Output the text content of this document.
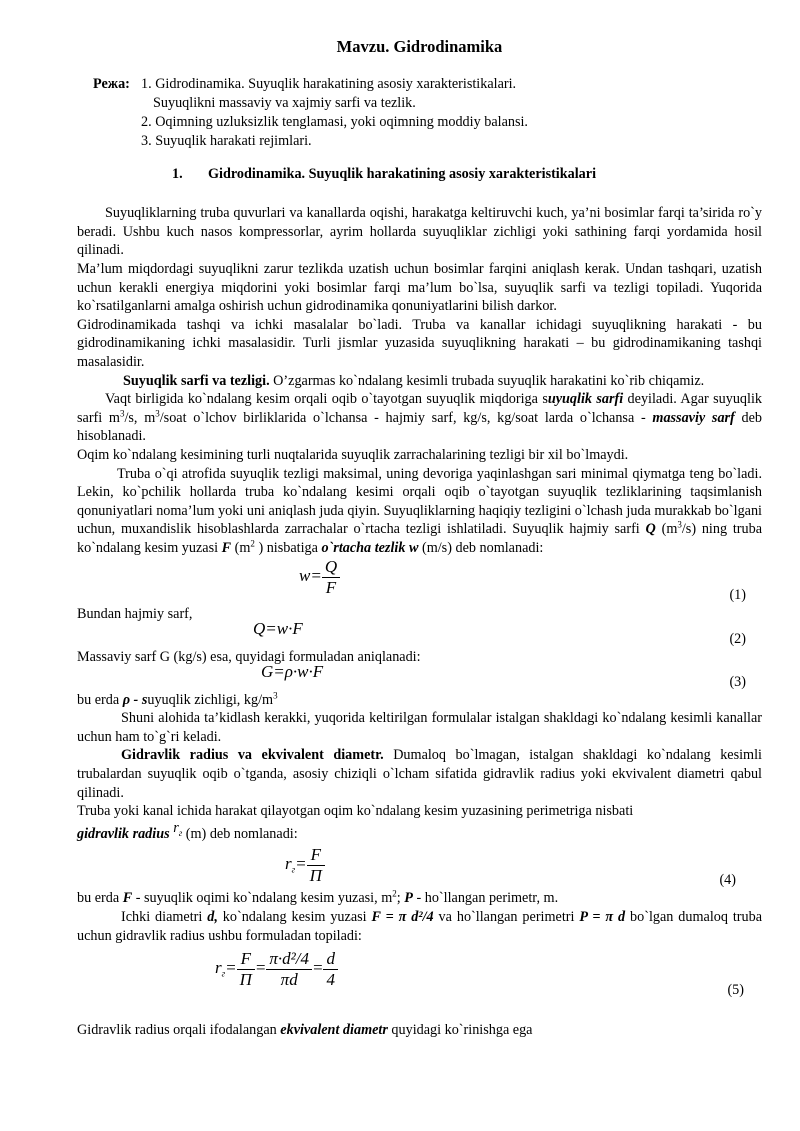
Mavzu. Gidrodinamika
Режа: 1. Gidrodinamika. Suyuqlik harakatining asosiy xarakteristikalari.
Suyuqlikni massaviy va xajmiy sarfi va tezlik.
2. Oqimning uzluksizlik tenglamasi, yoki oqimning moddiy balansi.
3. Suyuqlik harakati rejimlari.
1. Gidrodinamika. Suyuqlik harakatining asosiy xarakteristikalari

Suyuqliklarning truba quvurlari va kanallarda oqishi, harakatga keltiruvchi kuch, ya’ni bosimlar farqi ta’sirida ro`y beradi. Ushbu kuch nasos kompressorlar, ayrim hollarda suyuqliklar zichligi yoki sathining farqi yordamida hosil qilinadi.

Ma’lum miqdordagi suyuqlikni zarur tezlikda uzatish uchun bosimlar farqini aniqlash kerak. Undan tashqari, uzatish uchun kerakli energiya miqdorini yoki bosimlar farqi ma’lum bo`lsa, suyuqlik sarfi va tezligi topiladi. Yuqorida ko`rsatilganlarni amalga oshirish uchun gidrodinamika qonuniyatlarini bilish darkor.

Gidrodinamikada tashqi va ichki masalalar bo`ladi. Truba va kanallar ichidagi suyuqlikning harakati - bu gidrodinamikaning ichki masalasidir. Turli jismlar yuzasida suyuqlikning harakati – bu gidrodinamikaning tashqi masalasidir.

Suyuqlik sarfi va tezligi. O’zgarmas ko`ndalang kesimli trubada suyuqlik harakatini ko`rib chiqamiz.

Vaqt birligida ko`ndalang kesim orqali oqib o`tayotgan suyuqlik miqdoriga suyuqlik sarfi deyiladi. Agar suyuqlik sarfi $m^3/s$, $m^3$/soat o`lchov birliklarida o`lchansa - hajmiy sarf, kg/s, kg/soat larda o`lchansa - massaviy sarf deb hisoblanadi.

Oqim ko`ndalang kesimining turli nuqtalarida suyuqlik zarrachalarining tezligi bir xil bo`lmaydi.

Truba o`qi atrofida suyuqlik tezligi maksimal, uning devoriga yaqinlashgan sari minimal qiymatga teng bo`ladi. Lekin, ko`pchilik hollarda truba ko`ndalang kesimi orqali oqib o`tayotgan suyuqlik tezliklarining taqsimlanish qonuniyatlari noma’lum yoki uni aniqlash juda qiyin. Suyuqliklarning haqiqiy tezligini o`lchash juda murakkab bo`lgani uchun, muxandislik hisoblashlarda zarrachalar o`rtacha tezligi ishlatiladi. Suyuqlik hajmiy sarfi Q $(m^3/s)$ ning truba ko`ndalang kesim yuzasi F ($m^2$ ) nisbatiga o`rtacha tezlik w (m/s) deb nomlanadi:

$w= \frac{Q}{F}$	(1)

Bundan hajmiy sarf,

Q=w·F
(2)

Massaviy sarf G (kg/s) esa, quyidagi formuladan aniqlanadi:

G=ρ·w·F
(3)

bu erda ρ - suyuqlik zichligi, $kg/m^3$

Shuni alohida ta’kidlash kerakki, yuqorida keltirilgan formulalar istalgan shakldagi ko`ndalang kesimli kanallar uchun ham to`g`ri keladi.

Gidravlik radius va ekvivalent diametr. Dumaloq bo`lmagan, istalgan shakldagi ko`ndalang kesimli trubalardan suyuqlik oqib o`tganda, asosiy chiziqli o`lcham sifatida gidravlik radius yoki ekvivalent diametri qabul qilinadi.

Truba yoki kanal ichida harakat qilayotgan oqim ko`ndalang kesim yuzasining perimetriga nisbati

gidravlik radius $r_г$ (m) deb nomlanadi:

$r_г= \frac{F}{П}$	(4)

bu erda F - suyuqlik oqimi ko`ndalang kesim yuzasi, $m^2$; P - ho`llangan perimetr, m.

Ichki diametri d, ko`ndalang kesim yuzasi F = π d²/4 va ho`llangan perimetri P = π d bo`lgan dumaloq truba uchun gidravlik radius ushbu formuladan topiladi:

$r_г= \frac{F}{П} = \frac{\text{π·d²/4}}{\pi d} = \frac{d}{4}$	(5)

Gidravlik radius orqali ifodalangan ekvivalent diametr quyidagi ko`rinishga ega
